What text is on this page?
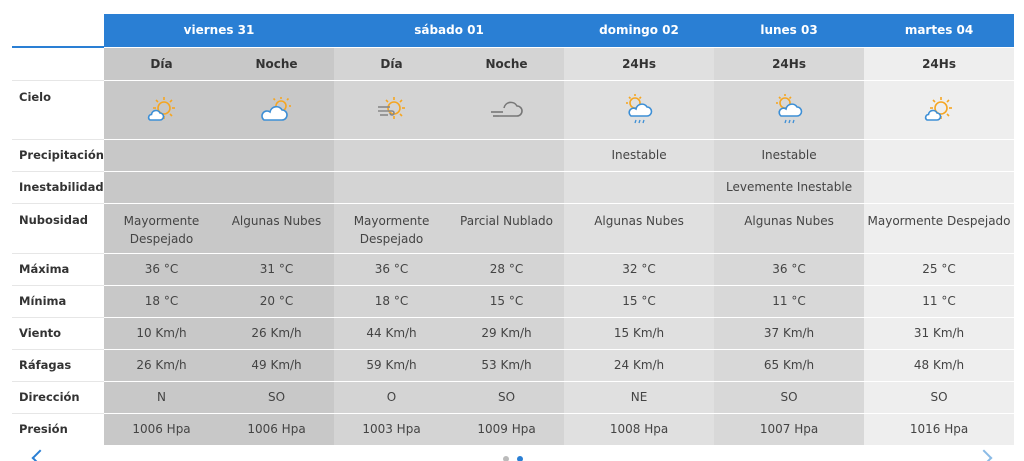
	viernes 31		sábado 01		domingo 02	lunes 03	martes 04
	Día	Noche	Día	Noche	24Hs	24Hs	24Hs
Cielo	

Precipitación					Inestable	Inestable	
Inestabilidad						Levemente Inestable	
Nubosidad	Mayormente Despejado	Algunas Nubes	Mayormente Despejado	Parcial Nublado	Algunas Nubes	Algunas Nubes	Mayormente Despejado
Máxima	36 °C	31 °C	36 °C	28 °C	32 °C	36 °C	25 °C
Mínima	18 °C	20 °C	18 °C	15 °C	15 °C	11 °C	11 °C
Viento	10 Km/h	26 Km/h	44 Km/h	29 Km/h	15 Km/h	37 Km/h	31 Km/h
Ráfagas	26 Km/h	49 Km/h	59 Km/h	53 Km/h	24 Km/h	65 Km/h	48 Km/h
Dirección	N	SO	O	SO	NE	SO	SO
Presión	1006 Hpa	1006 Hpa	1003 Hpa	1009 Hpa	1008 Hpa	1007 Hpa	1016 Hpa
